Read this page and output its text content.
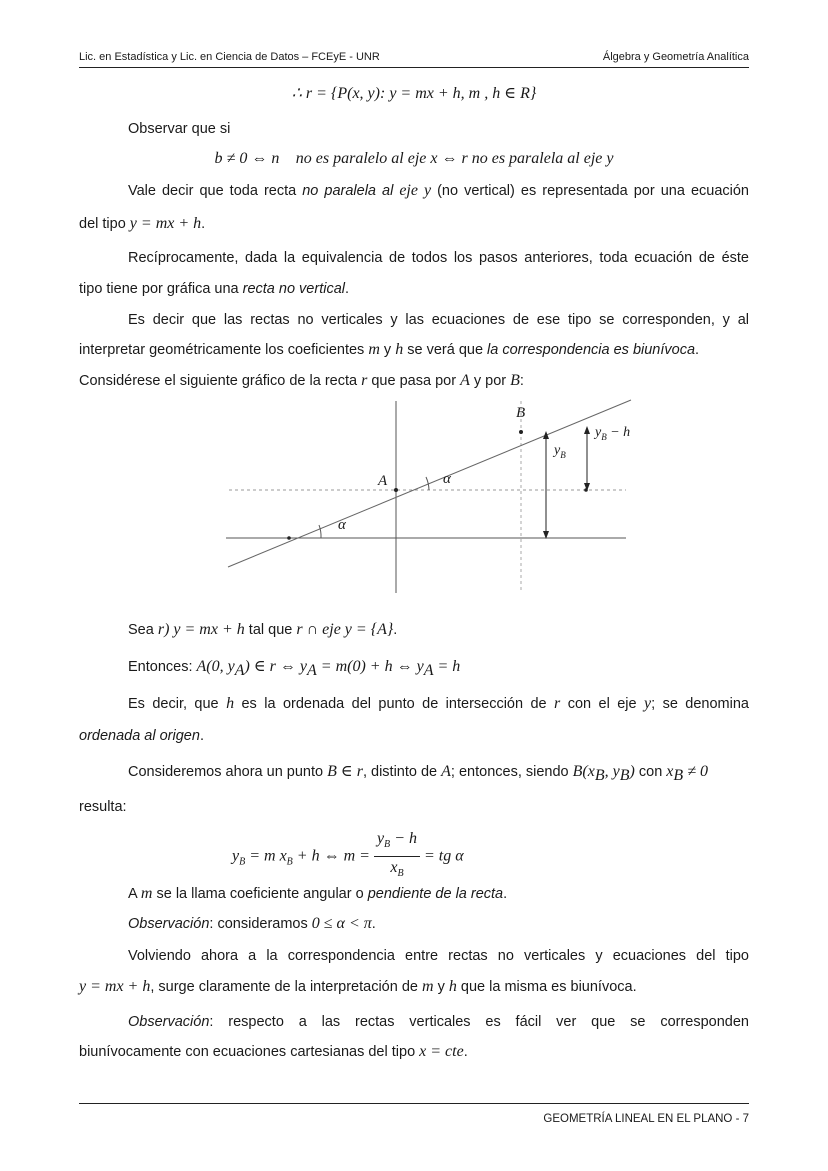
Lic. en Estadística y Lic. en Ciencia de Datos – FCEyE - UNR	Álgebra y Geometría Analítica

∴ r = {P(x, y): y = mx + h, m , h ∈ R}

Observar que si

b ≠ 0 ⇔ n⃗ no es paralelo al eje x ⇔ r no es paralela al eje y

Vale decir que toda recta no paralela al eje y (no vertical) es representada por una ecuación

del tipo y = mx + h.

Recíprocamente, dada la equivalencia de todos los pasos anteriores, toda ecuación de éste

tipo tiene por gráfica una recta no vertical.

Es decir que las rectas no verticales y las ecuaciones de ese tipo se corresponden, y al

interpretar geométricamente los coeficientes m y h se verá que la correspondencia es biunívoca.

Considérese el siguiente gráfico de la recta r que pasa por A y por B:

B
A	α
α
$y_B$
$y_B - h$

Sea r) y = mx + h tal que r ∩ eje y = {A}.

Entonces: A(0, $y_A$) ∈ r ⇔ $y_A = m(0) + h$ ⇔ $y_A = h$

Es decir, que h es la ordenada del punto de intersección de r con el eje y; se denomina

ordenada al origen.

Consideremos ahora un punto B ∈ r, distinto de A; entonces, siendo $B(x_B$, $y_B$) con $x_B \ne 0$

resulta:

$y_B = m$ $x_B + h$ ⇔ $m = \frac{y_B - h}{x_B}$ = tg α

A m se la llama coeficiente angular o pendiente de la recta.

Observación: consideramos 0 ≤ α < π.

Volviendo ahora a la correspondencia entre rectas no verticales y ecuaciones del tipo

y = mx + h, surge claramente de la interpretación de m y h que la misma es biunívoca.

Observación: respecto a las rectas verticales es fácil ver que se corresponden

biunívocamente con ecuaciones cartesianas del tipo x = cte.

GEOMETRÍA LINEAL EN EL PLANO - 7
